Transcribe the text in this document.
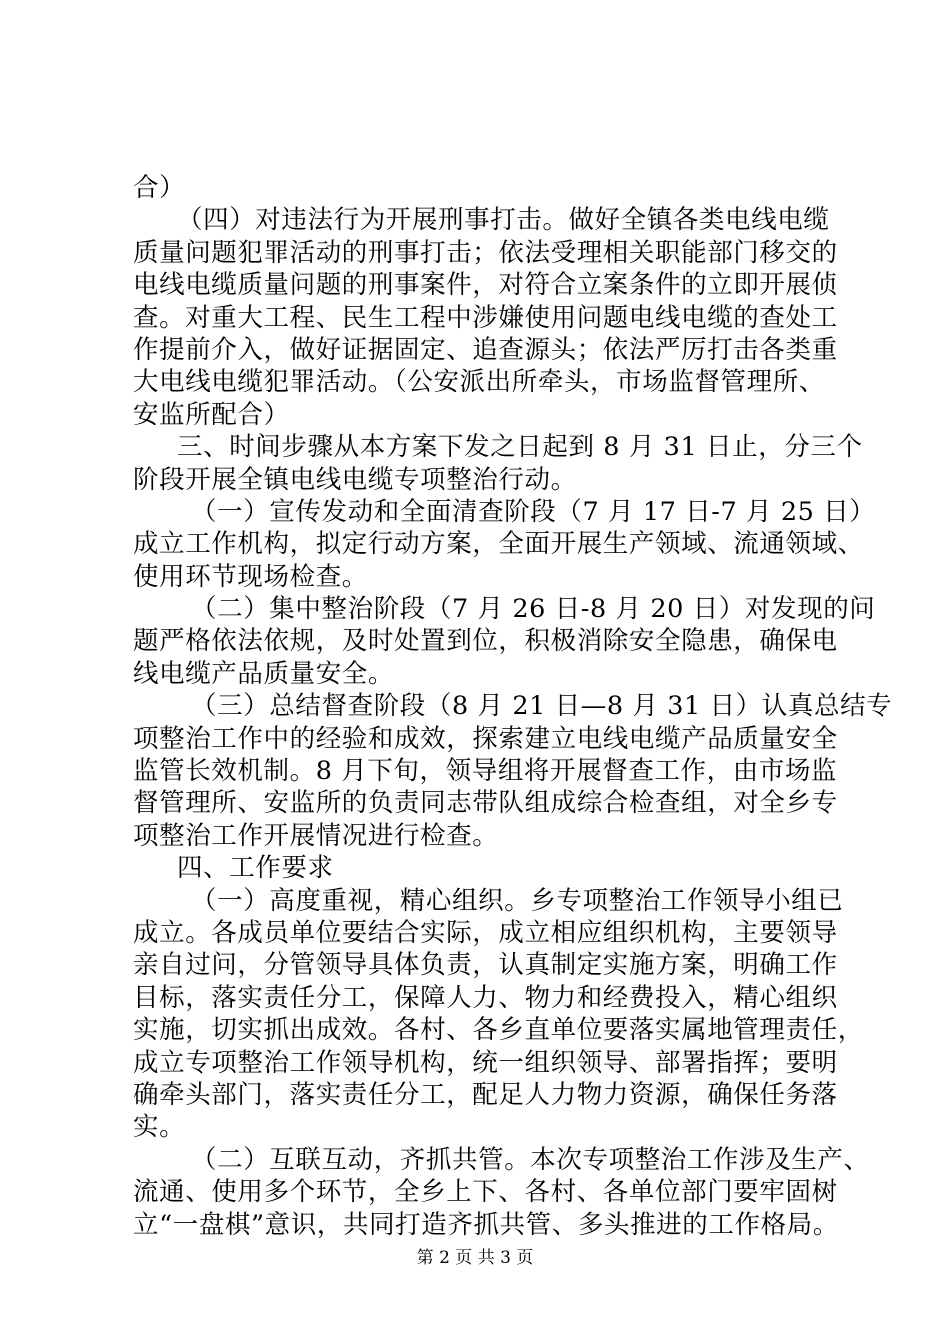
合）
（四）对违法行为开展刑事打击。做好全镇各类电线电缆
质量问题犯罪活动的刑事打击；依法受理相关职能部门移交的
电线电缆质量问题的刑事案件，对符合立案条件的立即开展侦
查。对重大工程、民生工程中涉嫌使用问题电线电缆的查处工
作提前介入，做好证据固定、追查源头；依法严厉打击各类重
大电线电缆犯罪活动。（公安派出所牵头，市场监督管理所、
安监所配合）
三、时间步骤从本方案下发之日起到 8 月 31 日止，分三个
阶段开展全镇电线电缆专项整治行动。
（一）宣传发动和全面清查阶段（7 月 17 日-7 月 25 日）
成立工作机构，拟定行动方案，全面开展生产领域、流通领域、
使用环节现场检查。
（二）集中整治阶段（7 月 26 日-8 月 20 日）对发现的问
题严格依法依规，及时处置到位，积极消除安全隐患，确保电
线电缆产品质量安全。
（三）总结督查阶段（8 月 21 日—8 月 31 日）认真总结专
项整治工作中的经验和成效，探索建立电线电缆产品质量安全
监管长效机制。8 月下旬，领导组将开展督查工作，由市场监
督管理所、安监所的负责同志带队组成综合检查组，对全乡专
项整治工作开展情况进行检查。
四、工作要求
（一）高度重视，精心组织。乡专项整治工作领导小组已
成立。各成员单位要结合实际，成立相应组织机构，主要领导
亲自过问，分管领导具体负责，认真制定实施方案，明确工作
目标，落实责任分工，保障人力、物力和经费投入，精心组织
实施，切实抓出成效。各村、各乡直单位要落实属地管理责任，
成立专项整治工作领导机构，统一组织领导、部署指挥；要明
确牵头部门，落实责任分工，配足人力物力资源，确保任务落
实。
（二）互联互动，齐抓共管。本次专项整治工作涉及生产、
流通、使用多个环节，全乡上下、各村、各单位部门要牢固树
立“一盘棋”意识，共同打造齐抓共管、多头推进的工作格局。
第 2 页 共 3 页
